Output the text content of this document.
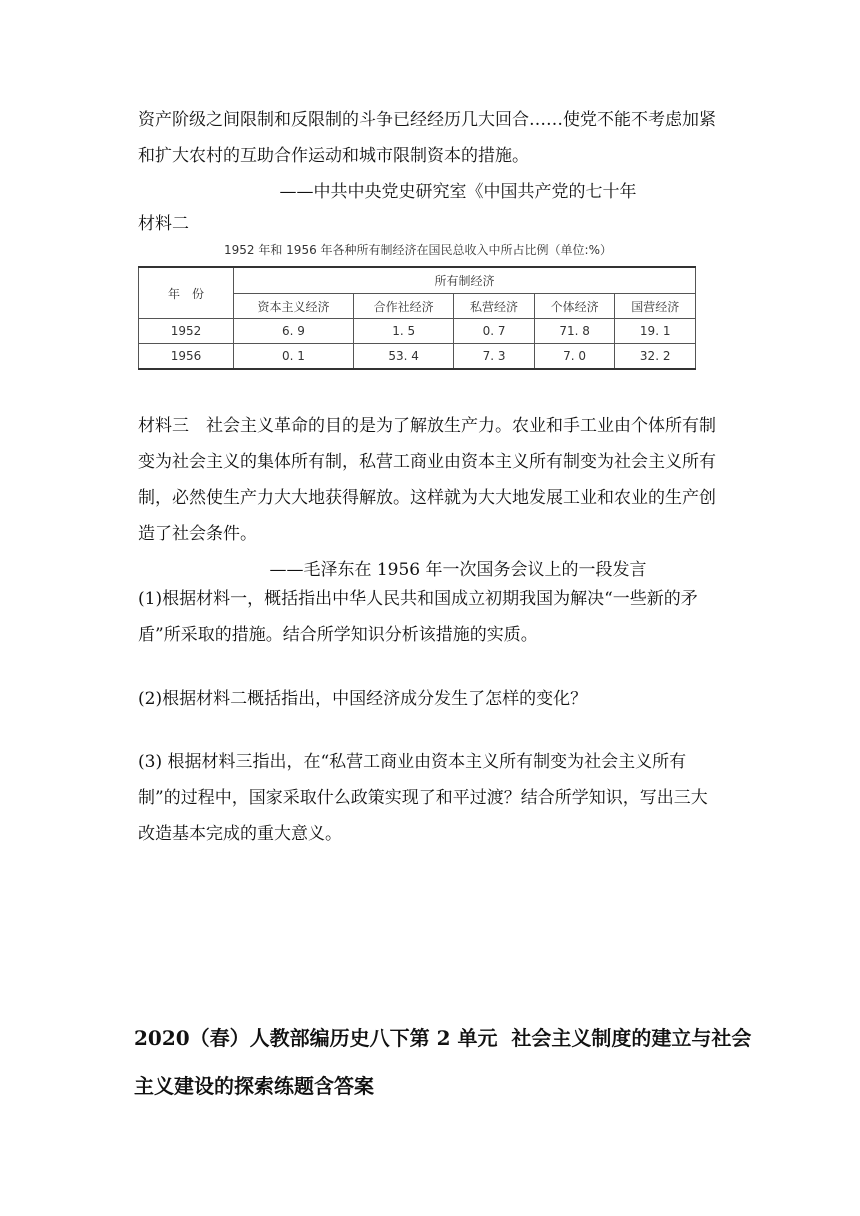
资产阶级之间限制和反限制的斗争已经经历几大回合……使党不能不考虑加紧

和扩大农村的互助合作运动和城市限制资本的措施。

——中共中央党史研究室《中国共产党的七十年

材料二

1952 年和 1956 年各种所有制经济在国民总收入中所占比例（单位:%）
年　份	所有制经济				
	资本主义经济	合作社经济	私营经济	个体经济	国营经济
1952	6. 9	1. 5	0. 7	71. 8	19. 1
1956	0. 1	53. 4	7. 3	7. 0	32. 2

材料三　社会主义革命的目的是为了解放生产力。农业和手工业由个体所有制

变为社会主义的集体所有制，私营工商业由资本主义所有制变为社会主义所有

制，必然使生产力大大地获得解放。这样就为大大地发展工业和农业的生产创

造了社会条件。

——毛泽东在 1956 年一次国务会议上的一段发言

(1)根据材料一，概括指出中华人民共和国成立初期我国为解决“一些新的矛

盾”所采取的措施。结合所学知识分析该措施的实质。

(2)根据材料二概括指出，中国经济成分发生了怎样的变化？

(3) 根据材料三指出，在“私营工商业由资本主义所有制变为社会主义所有

制”的过程中，国家采取什么政策实现了和平过渡？结合所学知识，写出三大

改造基本完成的重大意义。

2020（春）人教部编历史八下第 2 单元  社会主义制度的建立与社会
主义建设的探索练题含答案
